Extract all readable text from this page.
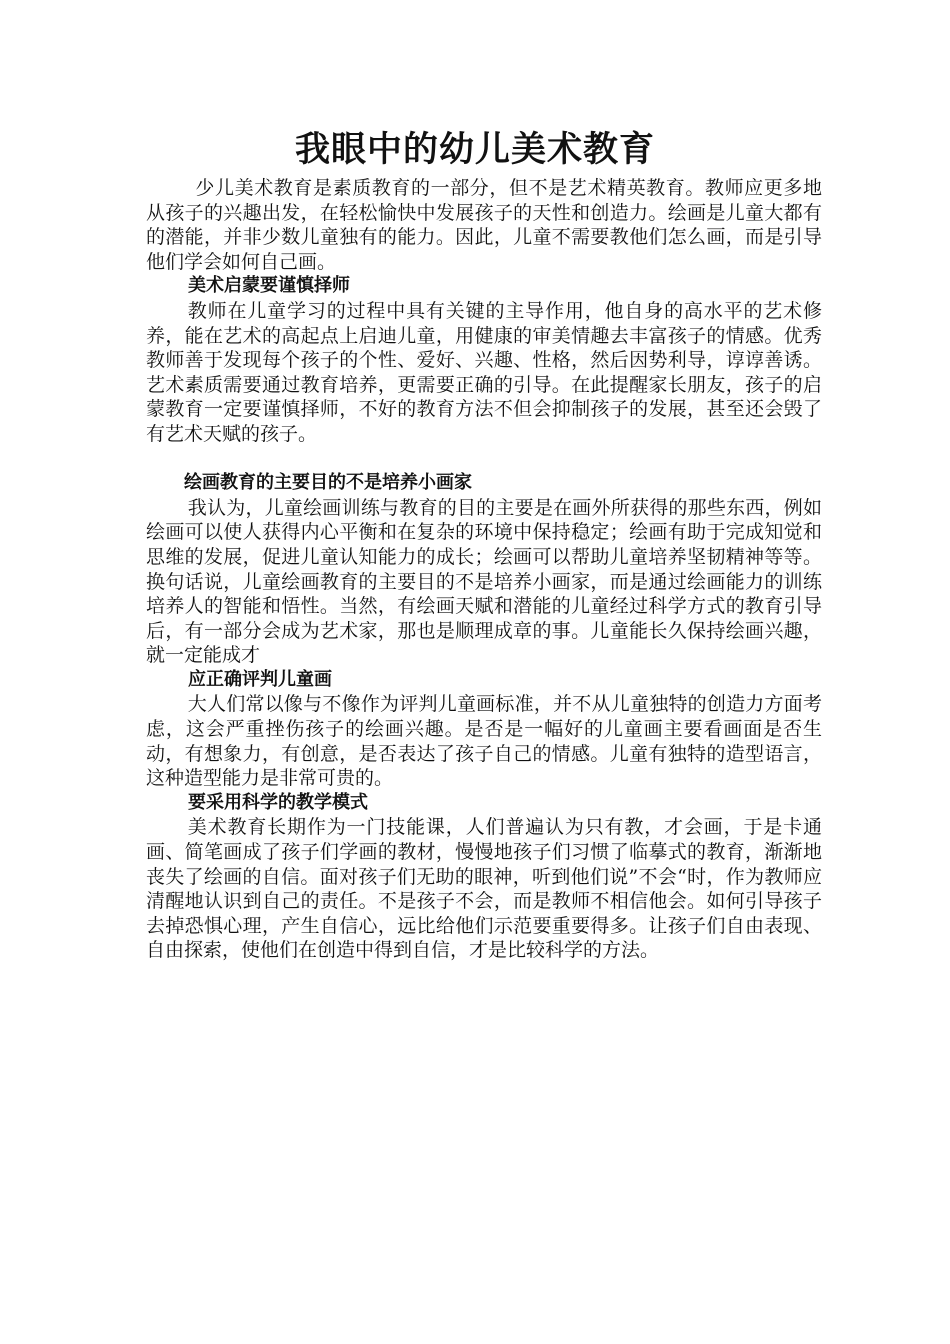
我眼中的幼儿美术教育

少儿美术教育是素质教育的一部分，但不是艺术精英教育。教师应更多地从孩子的兴趣出发，在轻松愉快中发展孩子的天性和创造力。绘画是儿童大都有的潜能，并非少数儿童独有的能力。因此，儿童不需要教他们怎么画，而是引导他们学会如何自己画。

美术启蒙要谨慎择师

教师在儿童学习的过程中具有关键的主导作用，他自身的高水平的艺术修养，能在艺术的高起点上启迪儿童，用健康的审美情趣去丰富孩子的情感。优秀教师善于发现每个孩子的个性、爱好、兴趣、性格，然后因势利导，谆谆善诱。艺术素质需要通过教育培养，更需要正确的引导。在此提醒家长朋友，孩子的启蒙教育一定要谨慎择师，不好的教育方法不但会抑制孩子的发展，甚至还会毁了有艺术天赋的孩子。

绘画教育的主要目的不是培养小画家

我认为，儿童绘画训练与教育的目的主要是在画外所获得的那些东西，例如绘画可以使人获得内心平衡和在复杂的环境中保持稳定；绘画有助于完成知觉和思维的发展，促进儿童认知能力的成长；绘画可以帮助儿童培养坚韧精神等等。换句话说，儿童绘画教育的主要目的不是培养小画家，而是通过绘画能力的训练培养人的智能和悟性。当然，有绘画天赋和潜能的儿童经过科学方式的教育引导后，有一部分会成为艺术家，那也是顺理成章的事。儿童能长久保持绘画兴趣，就一定能成才

应正确评判儿童画

大人们常以像与不像作为评判儿童画标准，并不从儿童独特的创造力方面考虑，这会严重挫伤孩子的绘画兴趣。是否是一幅好的儿童画主要看画面是否生动，有想象力，有创意，是否表达了孩子自己的情感。儿童有独特的造型语言，这种造型能力是非常可贵的。

要采用科学的教学模式

美术教育长期作为一门技能课，人们普遍认为只有教，才会画，于是卡通画、简笔画成了孩子们学画的教材，慢慢地孩子们习惯了临摹式的教育，渐渐地丧失了绘画的自信。面对孩子们无助的眼神，听到他们说”不会“时，作为教师应清醒地认识到自己的责任。不是孩子不会，而是教师不相信他会。如何引导孩子去掉恐惧心理，产生自信心，远比给他们示范要重要得多。让孩子们自由表现、自由探索，使他们在创造中得到自信，才是比较科学的方法。
